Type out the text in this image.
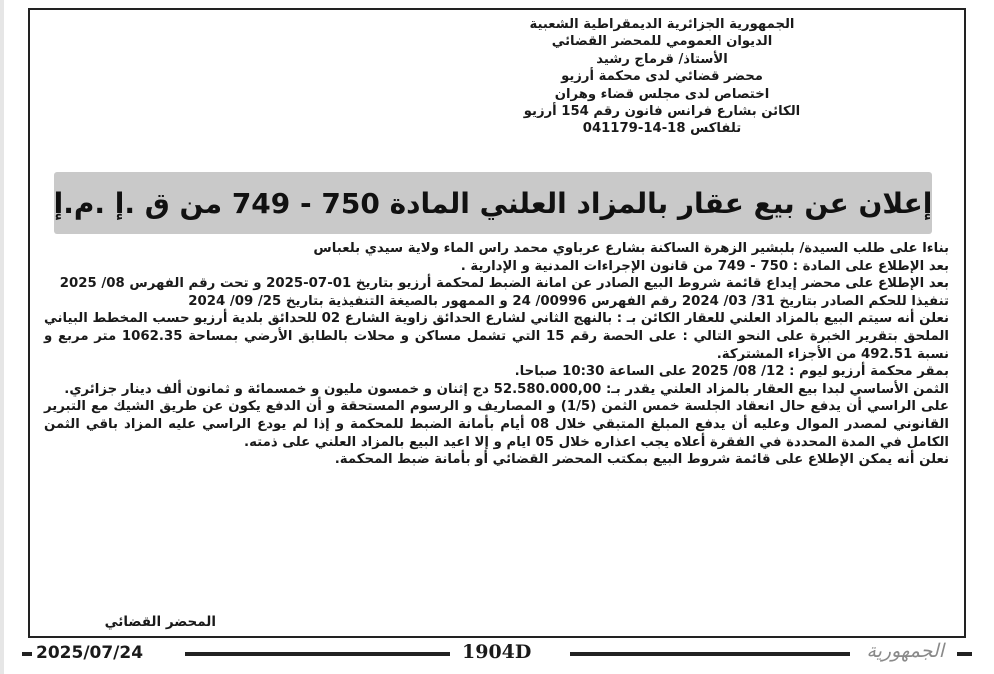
الجمهورية الجزائرية الديمقراطية الشعبية
الديوان العمومي للمحضر القضائي
الأستاذ/ قرماج رشيد
محضر قضائي لدى محكمة أرزيو
اختصاص لدى مجلس قضاء وهران
الكائن بشارع فرانس فانون رقم 154 أرزيو
تلفاكس 18-14-041179
إعلان عن بيع عقار بالمزاد العلني المادة 750 - 749 من ق .إ .م.إ

بناءا على طلب السيدة/ بلبشير الزهرة الساكنة بشارع عرباوي محمد راس الماء ولاية سيدي بلعباس

بعد الإطلاع على المادة : 750 - 749 من قانون الإجراءات المدنية و الإدارية .

بعد الإطلاع على محضر إيداع قائمة شروط البيع الصادر عن امانة الضبط لمحكمة أرزيو بتاريخ 01-07-2025 و تحت رقم الفهرس 08/ 2025

تنفيذا للحكم الصادر بتاريخ 31/ 03/ 2024 رقم الفهرس 00996/ 24 و الممهور بالصيغة التنفيذية بتاريخ 25/ 09/ 2024

نعلن أنه سيتم البيع بالمزاد العلني للعقار الكائن بـ : بالنهج الثاني لشارع الحدائق زاوية الشارع 02 للحدائق بلدية أرزيو حسب المخطط البياني الملحق بتقرير الخبرة على النحو التالي : على الحصة رقم 15 التي تشمل مساكن و محلات بالطابق الأرضي بمساحة 1062.35 متر مربع و نسبة 492.51 من الأجزاء المشتركة.

بمقر محكمة أرزيو ليوم : 12/ 08/ 2025 على الساعة 10:30 صباحا.

الثمن الأساسي لبدا بيع العقار بالمزاد العلني يقدر بـ: 52.580.000,00 دج إثنان و خمسون مليون و خمسمائة و ثمانون ألف دينار جزائري.

على الراسي أن يدفع حال انعقاد الجلسة خمس الثمن (1/5) و المصاريف و الرسوم المستحقة و أن الدفع يكون عن طريق الشيك مع التبرير القانوني لمصدر الموال وعليه أن يدفع المبلغ المتبقي خلال 08 أيام بأمانة الضبط للمحكمة و إذا لم يودع الراسي عليه المزاد باقي الثمن الكامل في المدة المحددة في الفقرة أعلاه يجب اعذاره خلال 05 ايام و إلا اعيد البيع بالمزاد العلني على ذمته.

نعلن أنه يمكن الإطلاع على قائمة شروط البيع بمكتب المحضر القضائي أو بأمانة ضبط المحكمة.

المحضر القضائي
2025/07/24	1904D	الجمهورية
